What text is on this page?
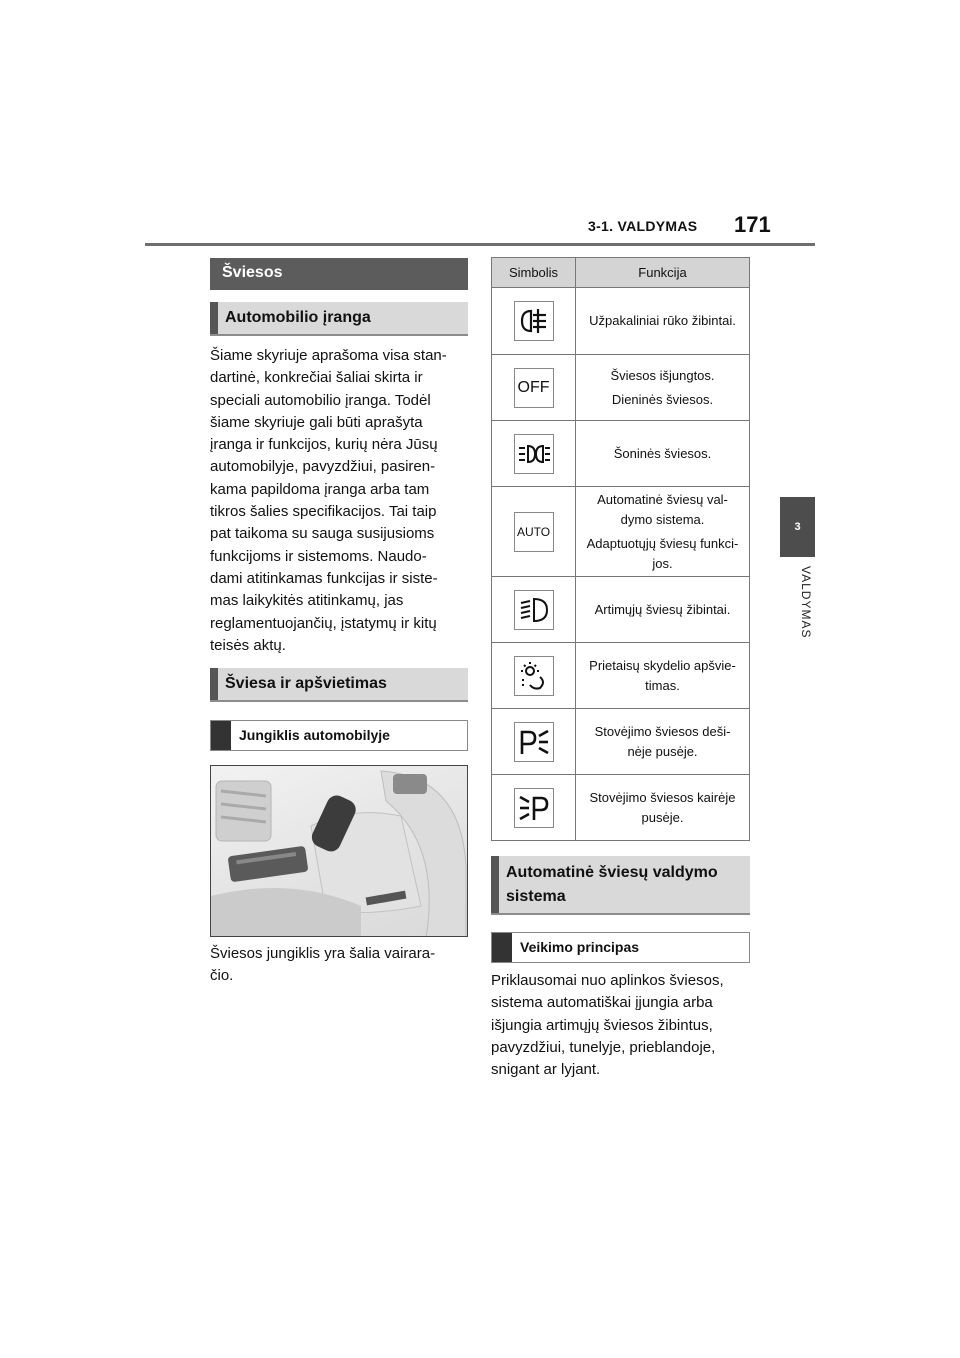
3-1. VALDYMAS 171
3
VALDYMAS
Šviesos
Automobilio įranga
Šiame skyriuje aprašoma visa stan-
dartinė, konkrečiai šaliai skirta ir
speciali automobilio įranga. Todėl
šiame skyriuje gali būti aprašyta
įranga ir funkcijos, kurių nėra Jūsų
automobilyje, pavyzdžiui, pasiren-
kama papildoma įranga arba tam
tikros šalies specifikacijos. Tai taip
pat taikoma su sauga susijusioms
funkcijoms ir sistemoms. Naudo-
dami atitinkamas funkcijas ir siste-
mas laikykitės atitinkamų, jas
reglamentuojančių, įstatymų ir kitų
teisės aktų.
Šviesa ir apšvietimas
Jungiklis automobilyje
Šviesos jungiklis yra šalia vairara-
čio.
Simbolis	Funkcija

Užpakaliniai rūko žibintai.

OFF	Šviesos išjungtos.
Dieninės šviesos.

Šoninės šviesos.

AUTO	Automatinė šviesų val-
dymo sistema.
Adaptuotųjų šviesų funkci-
jos.

Artimųjų šviesų žibintai.

Prietaisų skydelio apšvie-
timas.

Stovėjimo šviesos deši-
nėje pusėje.

Stovėjimo šviesos kairėje
pusėje.
Automatinė šviesų valdymo
sistema
Veikimo principas
Priklausomai nuo aplinkos šviesos,
sistema automatiškai įjungia arba
išjungia artimųjų šviesos žibintus,
pavyzdžiui, tunelyje, prieblandoje,
snigant ar lyjant.
